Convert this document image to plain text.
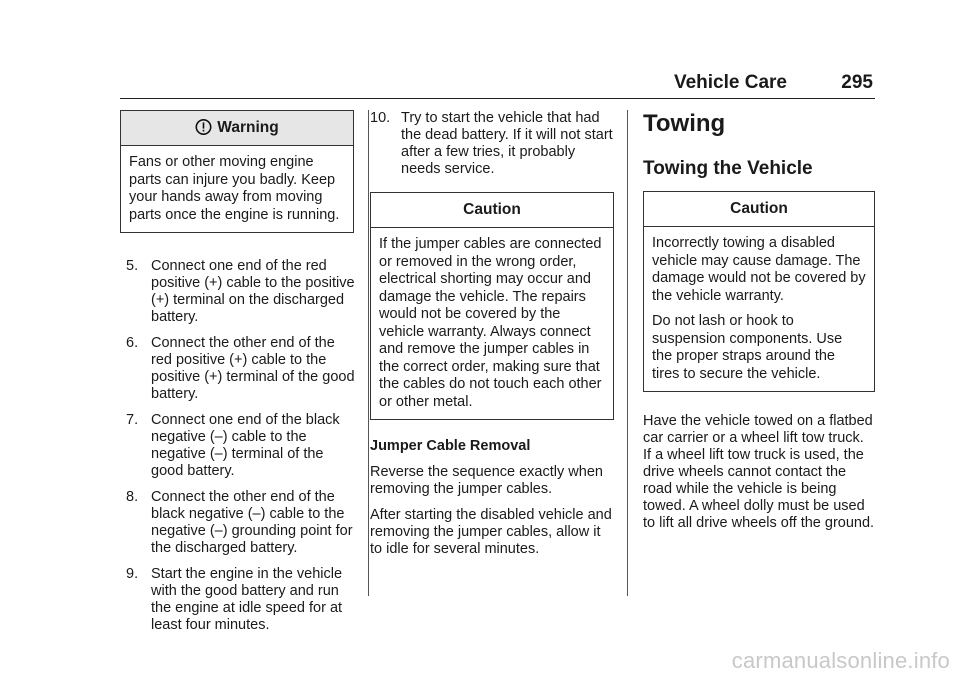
Vehicle Care	295
Warning

Fans or other moving engine parts can injure you badly. Keep your hands away from moving parts once the engine is running.

5. Connect one end of the red positive (+) cable to the positive (+) terminal on the discharged battery.
6. Connect the other end of the red positive (+) cable to the positive (+) terminal of the good battery.
7. Connect one end of the black negative (–) cable to the negative (–) terminal of the good battery.
8. Connect the other end of the black negative (–) cable to the negative (–) grounding point for the discharged battery.
9. Start the engine in the vehicle with the good battery and run the engine at idle speed for at least four minutes.
10. Try to start the vehicle that had the dead battery. If it will not start after a few tries, it probably needs service.
Caution

If the jumper cables are connected or removed in the wrong order, electrical shorting may occur and damage the vehicle. The repairs would not be covered by the vehicle warranty. Always connect and remove the jumper cables in the correct order, making sure that the cables do not touch each other or other metal.

Jumper Cable Removal

Reverse the sequence exactly when removing the jumper cables.

After starting the disabled vehicle and removing the jumper cables, allow it to idle for several minutes.

Towing
Towing the Vehicle
Caution

Incorrectly towing a disabled vehicle may cause damage. The damage would not be covered by the vehicle warranty.

Do not lash or hook to suspension components. Use the proper straps around the tires to secure the vehicle.

Have the vehicle towed on a flatbed car carrier or a wheel lift tow truck. If a wheel lift tow truck is used, the drive wheels cannot contact the road while the vehicle is being towed. A wheel dolly must be used to lift all drive wheels off the ground.

carmanualsonline.info
